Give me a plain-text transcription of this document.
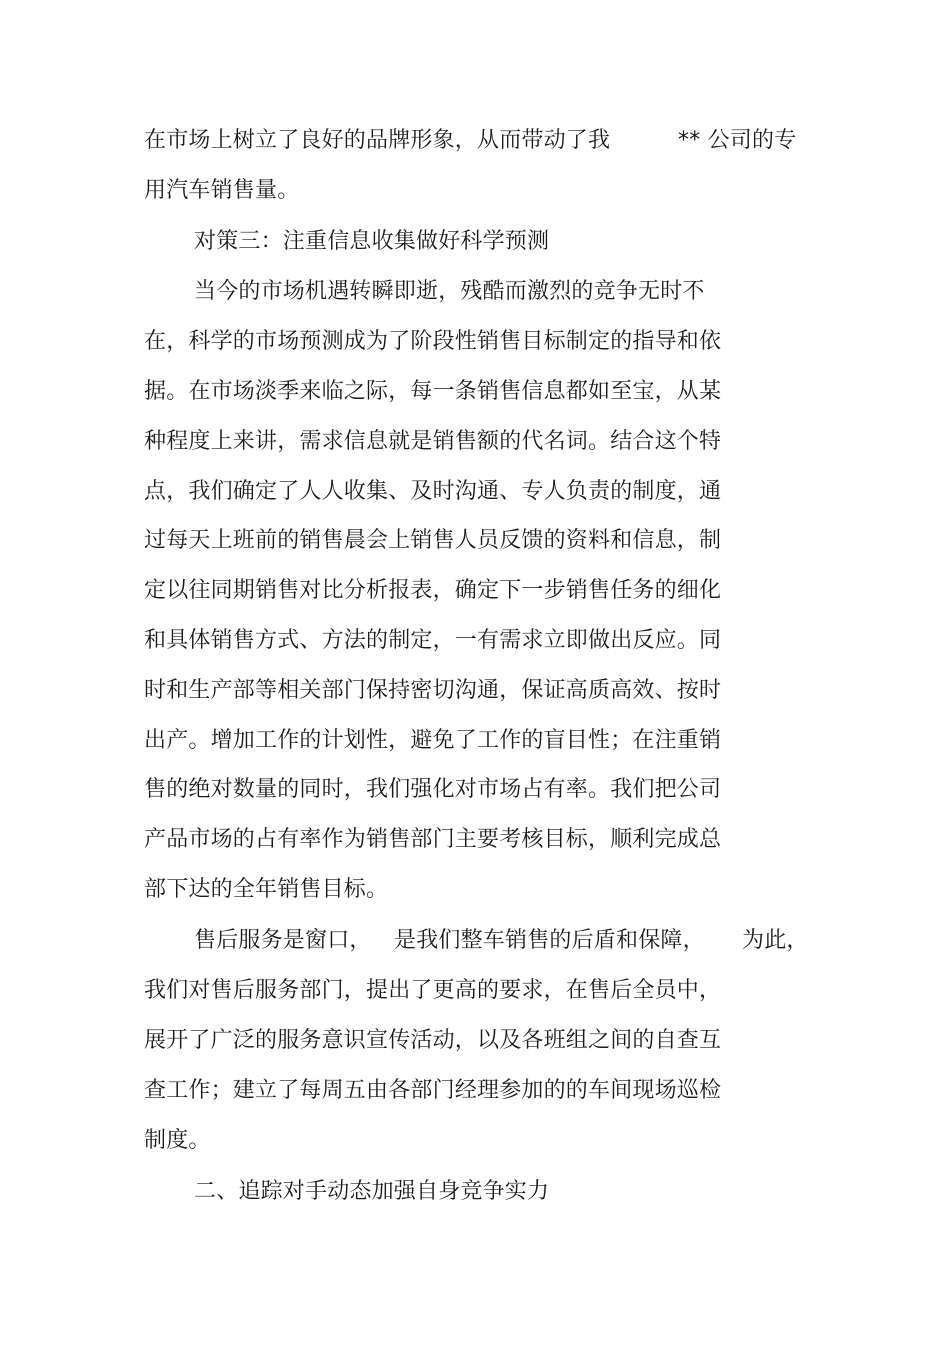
在市场上树立了良好的品牌形象，从而带动了我	** 公司的专
用汽车销售量。
对策三：注重信息收集做好科学预测
当今的市场机遇转瞬即逝，残酷而激烈的竞争无时不
在，科学的市场预测成为了阶段性销售目标制定的指导和依
据。在市场淡季来临之际，每一条销售信息都如至宝，从某
种程度上来讲，需求信息就是销售额的代名词。结合这个特
点，我们确定了人人收集、及时沟通、专人负责的制度，通
过每天上班前的销售晨会上销售人员反馈的资料和信息，制
定以往同期销售对比分析报表，确定下一步销售任务的细化
和具体销售方式、方法的制定，一有需求立即做出反应。同
时和生产部等相关部门保持密切沟通，保证高质高效、按时
出产。增加工作的计划性，避免了工作的盲目性；在注重销
售的绝对数量的同时，我们强化对市场占有率。我们把公司
产品市场的占有率作为销售部门主要考核目标，顺利完成总
部下达的全年销售目标。
售后服务是窗口， 是我们整车销售的后盾和保障， 为此，
我们对售后服务部门，提出了更高的要求，在售后全员中，
展开了广泛的服务意识宣传活动，以及各班组之间的自查互
查工作；建立了每周五由各部门经理参加的的车间现场巡检
制度。
二、追踪对手动态加强自身竞争实力
